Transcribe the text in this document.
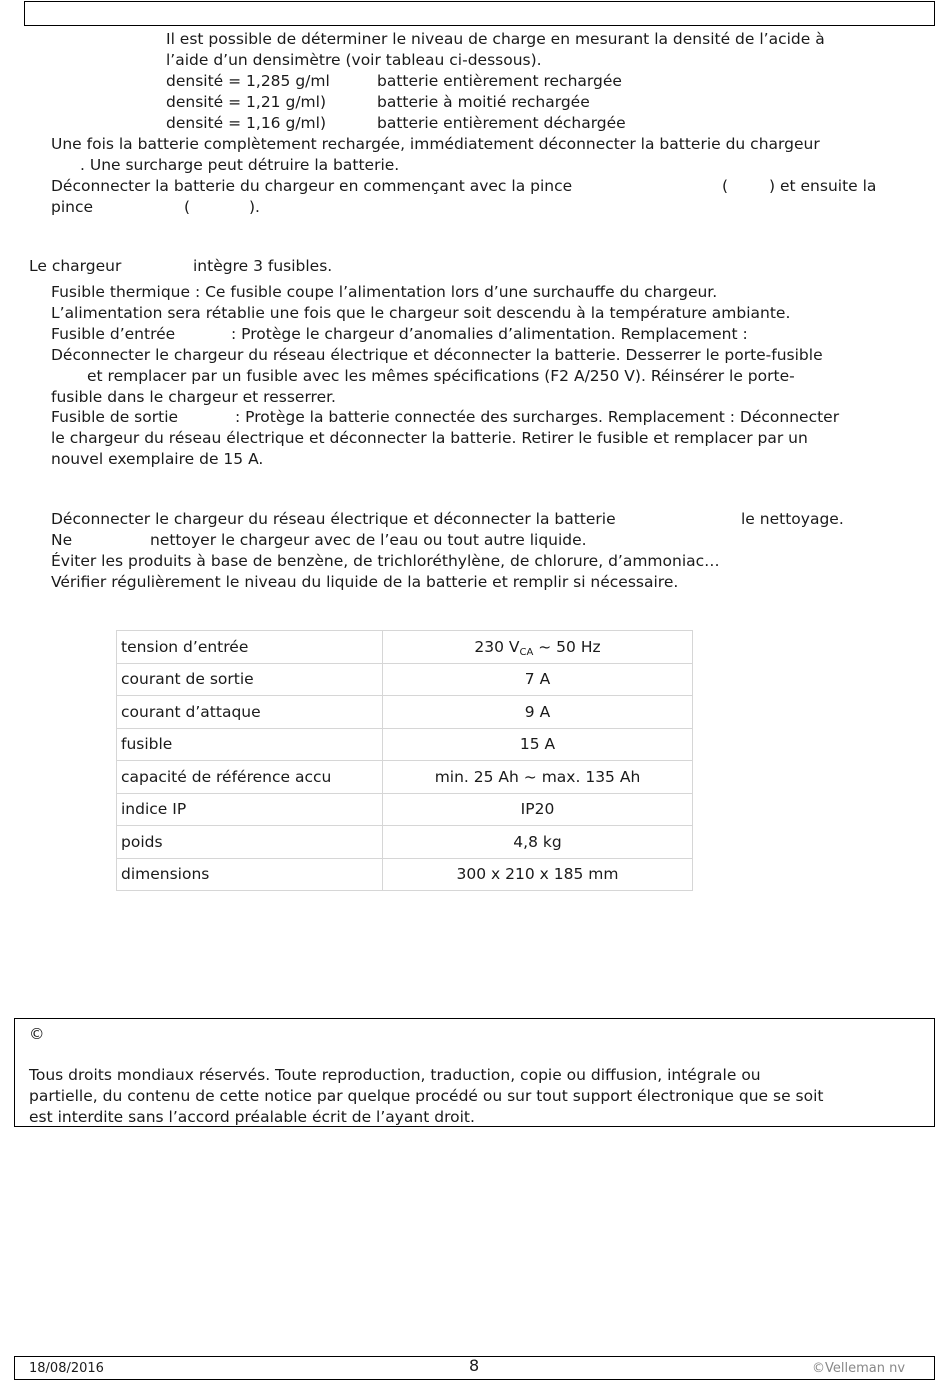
Il est possible de déterminer le niveau de charge en mesurant la densité de l’acide à
l’aide d’un densimètre (voir tableau ci-dessous).
densité = 1,285 g/ml	batterie entièrement rechargée
densité = 1,21 g/ml)	batterie à moitié rechargée
densité = 1,16 g/ml)	batterie entièrement déchargée
Une fois la batterie complètement rechargée, immédiatement déconnecter la batterie du chargeur
. Une surcharge peut détruire la batterie.
Déconnecter la batterie du chargeur en commençant avec la pince	(	) et ensuite la
pince	(	).
Le chargeur	intègre 3 fusibles.
Fusible thermique : Ce fusible coupe l’alimentation lors d’une surchauffe du chargeur.
L’alimentation sera rétablie une fois que le chargeur soit descendu à la température ambiante.
Fusible d’entrée	: Protège le chargeur d’anomalies d’alimentation. Remplacement :
Déconnecter le chargeur du réseau électrique et déconnecter la batterie. Desserrer le porte-fusible
et remplacer par un fusible avec les mêmes spécifications (F2 A/250 V). Réinsérer le porte-
fusible dans le chargeur et resserrer.
Fusible de sortie	: Protège la batterie connectée des surcharges. Remplacement : Déconnecter
le chargeur du réseau électrique et déconnecter la batterie. Retirer le fusible et remplacer par un
nouvel exemplaire de 15 A.
Déconnecter le chargeur du réseau électrique et déconnecter la batterie	le nettoyage.
Ne	nettoyer le chargeur avec de l’eau ou tout autre liquide.
Éviter les produits à base de benzène, de trichloréthylène, de chlorure, d’ammoniac…
Vérifier régulièrement le niveau du liquide de la batterie et remplir si nécessaire.
tension d’entrée	230 $V_{CA}$ ~ 50 Hz
courant de sortie	7 A
courant d’attaque	9 A
fusible	15 A
capacité de référence accu	min. 25 Ah ~ max. 135 Ah
indice IP	IP20
poids	4,8 kg
dimensions	300 x 210 x 185 mm
©
Tous droits mondiaux réservés. Toute reproduction, traduction, copie ou diffusion, intégrale ou
partielle, du contenu de cette notice par quelque procédé ou sur tout support électronique que se soit
est interdite sans l’accord préalable écrit de l’ayant droit.
18/08/2016	8	©Velleman nv
